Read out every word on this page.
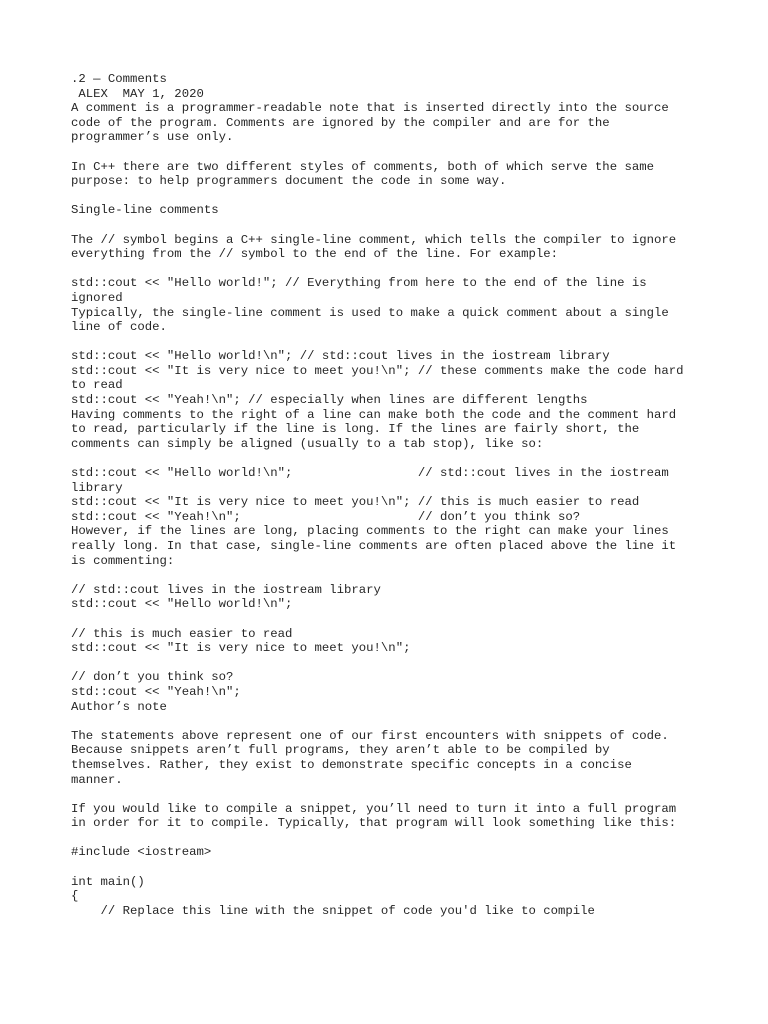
.2 — Comments
ALEX  MAY 1, 2020
A comment is a programmer-readable note that is inserted directly into the source
code of the program. Comments are ignored by the compiler and are for the
programmer’s use only.
In C++ there are two different styles of comments, both of which serve the same
purpose: to help programmers document the code in some way.
Single-line comments
The // symbol begins a C++ single-line comment, which tells the compiler to ignore
everything from the // symbol to the end of the line. For example:
std::cout << "Hello world!"; // Everything from here to the end of the line is
ignored
Typically, the single-line comment is used to make a quick comment about a single
line of code.
std::cout << "Hello world!\n"; // std::cout lives in the iostream library
std::cout << "It is very nice to meet you!\n"; // these comments make the code hard
to read
std::cout << "Yeah!\n"; // especially when lines are different lengths
Having comments to the right of a line can make both the code and the comment hard
to read, particularly if the line is long. If the lines are fairly short, the
comments can simply be aligned (usually to a tab stop), like so:
std::cout << "Hello world!\n";                 // std::cout lives in the iostream
library
std::cout << "It is very nice to meet you!\n"; // this is much easier to read
std::cout << "Yeah!\n";                        // don’t you think so?
However, if the lines are long, placing comments to the right can make your lines
really long. In that case, single-line comments are often placed above the line it
is commenting:
// std::cout lives in the iostream library
std::cout << "Hello world!\n";
// this is much easier to read
std::cout << "It is very nice to meet you!\n";
// don’t you think so?
std::cout << "Yeah!\n";
Author’s note
The statements above represent one of our first encounters with snippets of code.
Because snippets aren’t full programs, they aren’t able to be compiled by
themselves. Rather, they exist to demonstrate specific concepts in a concise
manner.
If you would like to compile a snippet, you’ll need to turn it into a full program
in order for it to compile. Typically, that program will look something like this:
#include <iostream>
int main()
{
// Replace this line with the snippet of code you'd like to compile
